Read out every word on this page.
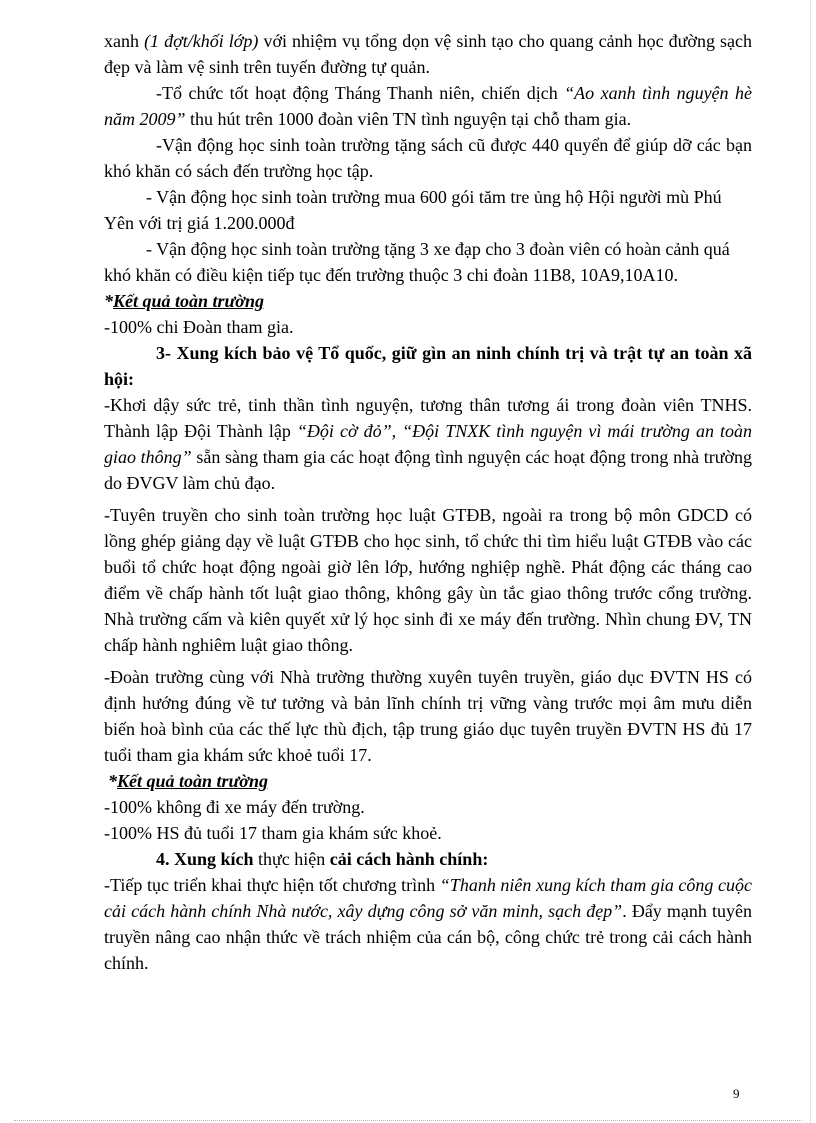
xanh (1 đợt/khối lớp) với nhiệm vụ tổng dọn vệ sinh tạo cho quang cảnh học đường sạch đẹp và làm vệ sinh trên tuyến đường tự quản.

-Tổ chức tốt hoạt động Tháng Thanh niên, chiến dịch “Ao xanh tình nguyện hè năm 2009” thu hút trên 1000 đoàn viên TN tình nguyện tại chỗ tham gia.

-Vận động học sinh toàn trường tặng sách cũ được 440 quyển để giúp dỡ các bạn khó khăn có sách đến trường học tập.

- Vận động học sinh toàn trường mua 600 gói tăm tre ủng hộ Hội người mù Phú Yên với trị giá 1.200.000đ

- Vận động học sinh toàn trường tặng 3 xe đạp cho 3 đoàn viên có hoàn cảnh quá khó khăn có điều kiện tiếp tục đến trường thuộc 3 chi đoàn 11B8, 10A9,10A10.

*Kết quả toàn trường

-100% chi Đoàn tham gia.

3- Xung kích bảo vệ Tổ quốc, giữ gìn an ninh chính trị và trật tự an toàn xã hội:

-Khơi dậy sức trẻ, tinh thần tình nguyện, tương thân tương ái trong đoàn viên TNHS. Thành lập Đội Thành lập “Đội cờ đỏ”, “Đội TNXK tình nguyện vì mái trường an toàn giao thông” sẵn sàng tham gia các hoạt động tình nguyện các hoạt động trong nhà trường do ĐVGV làm chủ đạo.

-Tuyên truyền cho sinh toàn trường học luật GTĐB, ngoài ra trong bộ môn GDCD có lồng ghép giảng dạy về luật GTĐB cho học sinh, tổ chức thi tìm hiểu luật GTĐB vào các buổi tổ chức hoạt động ngoài giờ lên lớp, hướng nghiệp nghề. Phát động các tháng cao điểm về chấp hành tốt luật giao thông, không gây ùn tắc giao thông trước cổng trường. Nhà trường cấm và kiên quyết xử lý học sinh đi xe máy đến trường. Nhìn chung ĐV, TN chấp hành nghiêm luật giao thông.

-Đoàn trường cùng với Nhà trường thường xuyên tuyên truyền, giáo dục ĐVTN HS có định hướng đúng về tư tưởng và bản lĩnh chính trị vững vàng trước mọi âm mưu diễn biến hoà bình của các thế lực thù địch, tập trung giáo dục tuyên truyền ĐVTN HS đủ 17 tuổi tham gia khám sức khoẻ tuổi 17.

*Kết quả toàn trường

-100% không đi xe máy đến trường.

-100% HS đủ tuổi 17 tham gia khám sức khoẻ.

4. Xung kích thực hiện cải cách hành chính:

-Tiếp tục triển khai thực hiện tốt chương trình “Thanh niên xung kích tham gia công cuộc cải cách hành chính Nhà nước, xây dựng công sở văn minh, sạch đẹp”. Đẩy mạnh tuyên truyền nâng cao nhận thức về trách nhiệm của cán bộ, công chức trẻ trong cải cách hành chính.

9
